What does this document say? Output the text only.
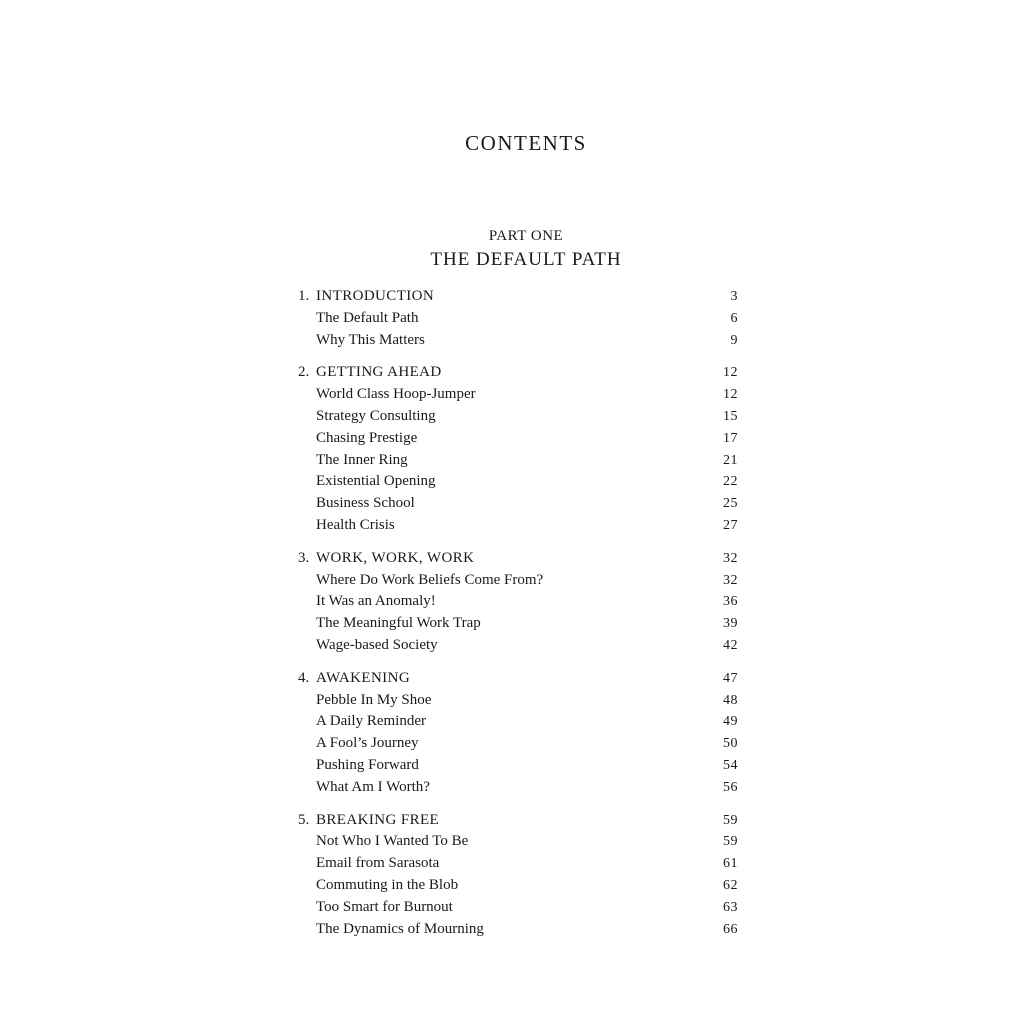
CONTENTS
PART ONE
THE DEFAULT PATH
1. INTRODUCTION	3
The Default Path	6
Why This Matters	9
2. GETTING AHEAD	12
World Class Hoop-Jumper	12
Strategy Consulting	15
Chasing Prestige	17
The Inner Ring	21
Existential Opening	22
Business School	25
Health Crisis	27
3. WORK, WORK, WORK	32
Where Do Work Beliefs Come From?	32
It Was an Anomaly!	36
The Meaningful Work Trap	39
Wage-based Society	42
4. AWAKENING	47
Pebble In My Shoe	48
A Daily Reminder	49
A Fool’s Journey	50
Pushing Forward	54
What Am I Worth?	56
5. BREAKING FREE	59
Not Who I Wanted To Be	59
Email from Sarasota	61
Commuting in the Blob	62
Too Smart for Burnout	63
The Dynamics of Mourning	66
